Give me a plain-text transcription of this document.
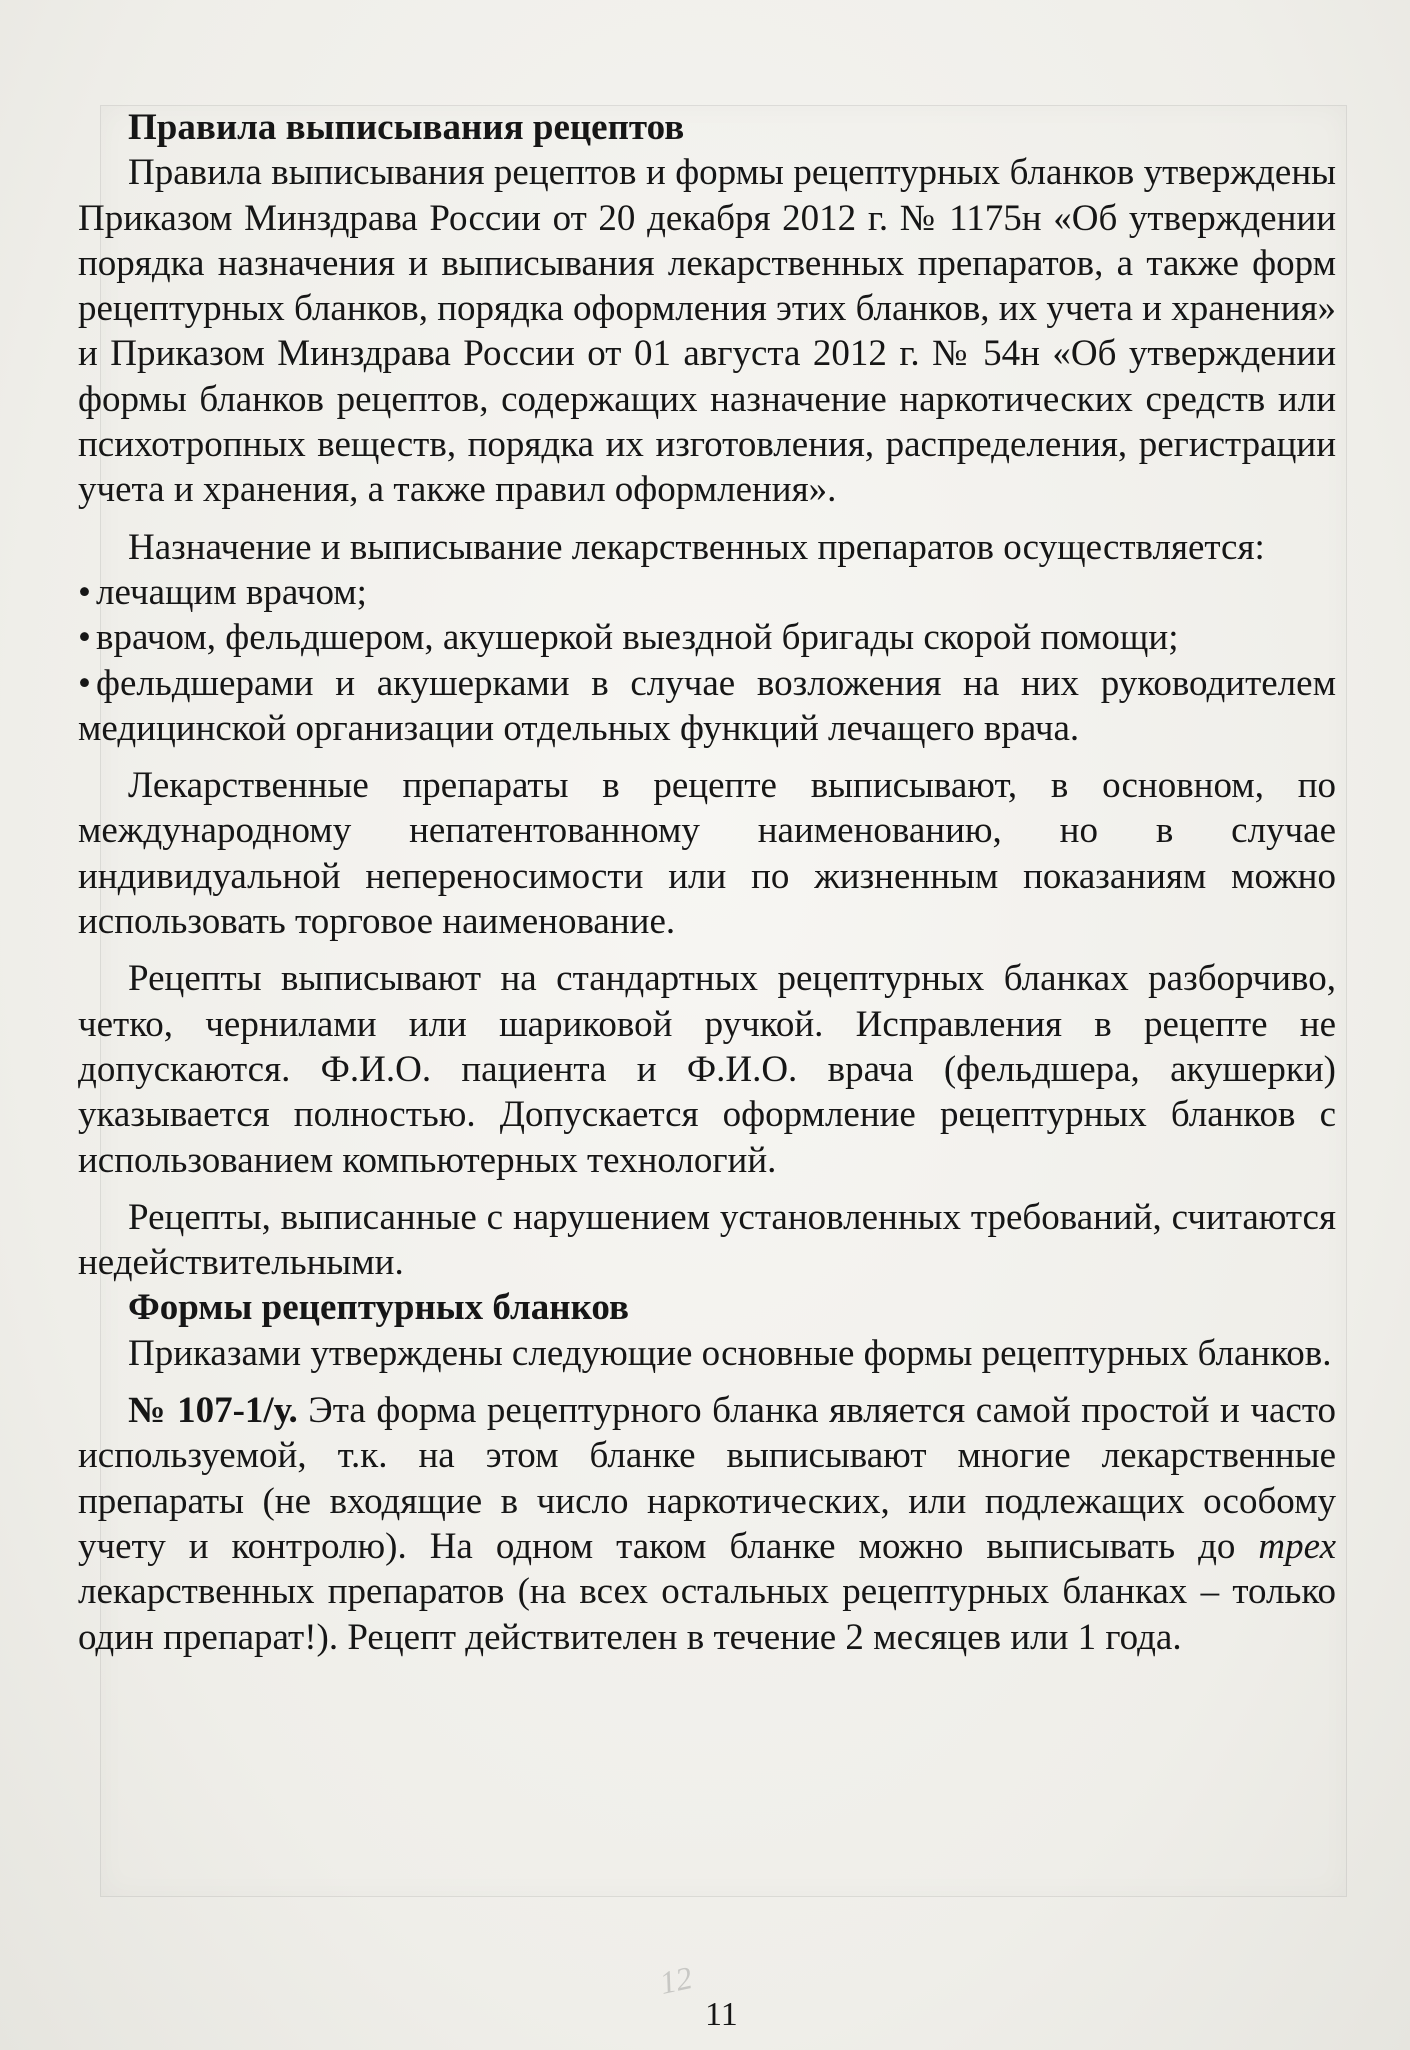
Правила выписывания рецептов

Правила выписывания рецептов и формы рецептурных бланков утверждены Приказом Минздрава России от 20 декабря 2012 г. № 1175н «Об утверждении порядка назначения и выписывания лекарственных препаратов, а также форм рецептурных бланков, порядка оформления этих бланков, их учета и хранения» и Приказом Минздрава России от 01 августа 2012 г. № 54н «Об утверждении формы бланков рецептов, содержащих назначение наркотических средств или психотропных веществ, порядка их изготовления, распределения, регистрации учета и хранения, а также правил оформления».

Назначение и выписывание лекарственных препаратов осуществляется:

• лечащим врачом;
• врачом, фельдшером, акушеркой выездной бригады скорой помощи;
• фельдшерами и акушерками в случае возложения на них руководителем медицинской организации отдельных функций лечащего врача.

Лекарственные препараты в рецепте выписывают, в основном, по международному непатентованному наименованию, но в случае индивидуальной непереносимости или по жизненным показаниям можно использовать торговое наименование.

Рецепты выписывают на стандартных рецептурных бланках разборчиво, четко, чернилами или шариковой ручкой. Исправления в рецепте не допускаются. Ф.И.О. пациента и Ф.И.О. врача (фельдшера, акушерки) указывается полностью. Допускается оформление рецептурных бланков с использованием компьютерных технологий.

Рецепты, выписанные с нарушением установленных требований, считаются недействительными.

Формы рецептурных бланков

Приказами утверждены следующие основные формы рецептурных бланков.

№ 107-1/у. Эта форма рецептурного бланка является самой простой и часто используемой, т.к. на этом бланке выписывают многие лекарственные препараты (не входящие в число наркотических, или подлежащих особому учету и контролю). На одном таком бланке можно выписывать до трех лекарственных препаратов (на всех остальных рецептурных бланках – только один препарат!). Рецепт действителен в течение 2 месяцев или 1 года.

12
11
